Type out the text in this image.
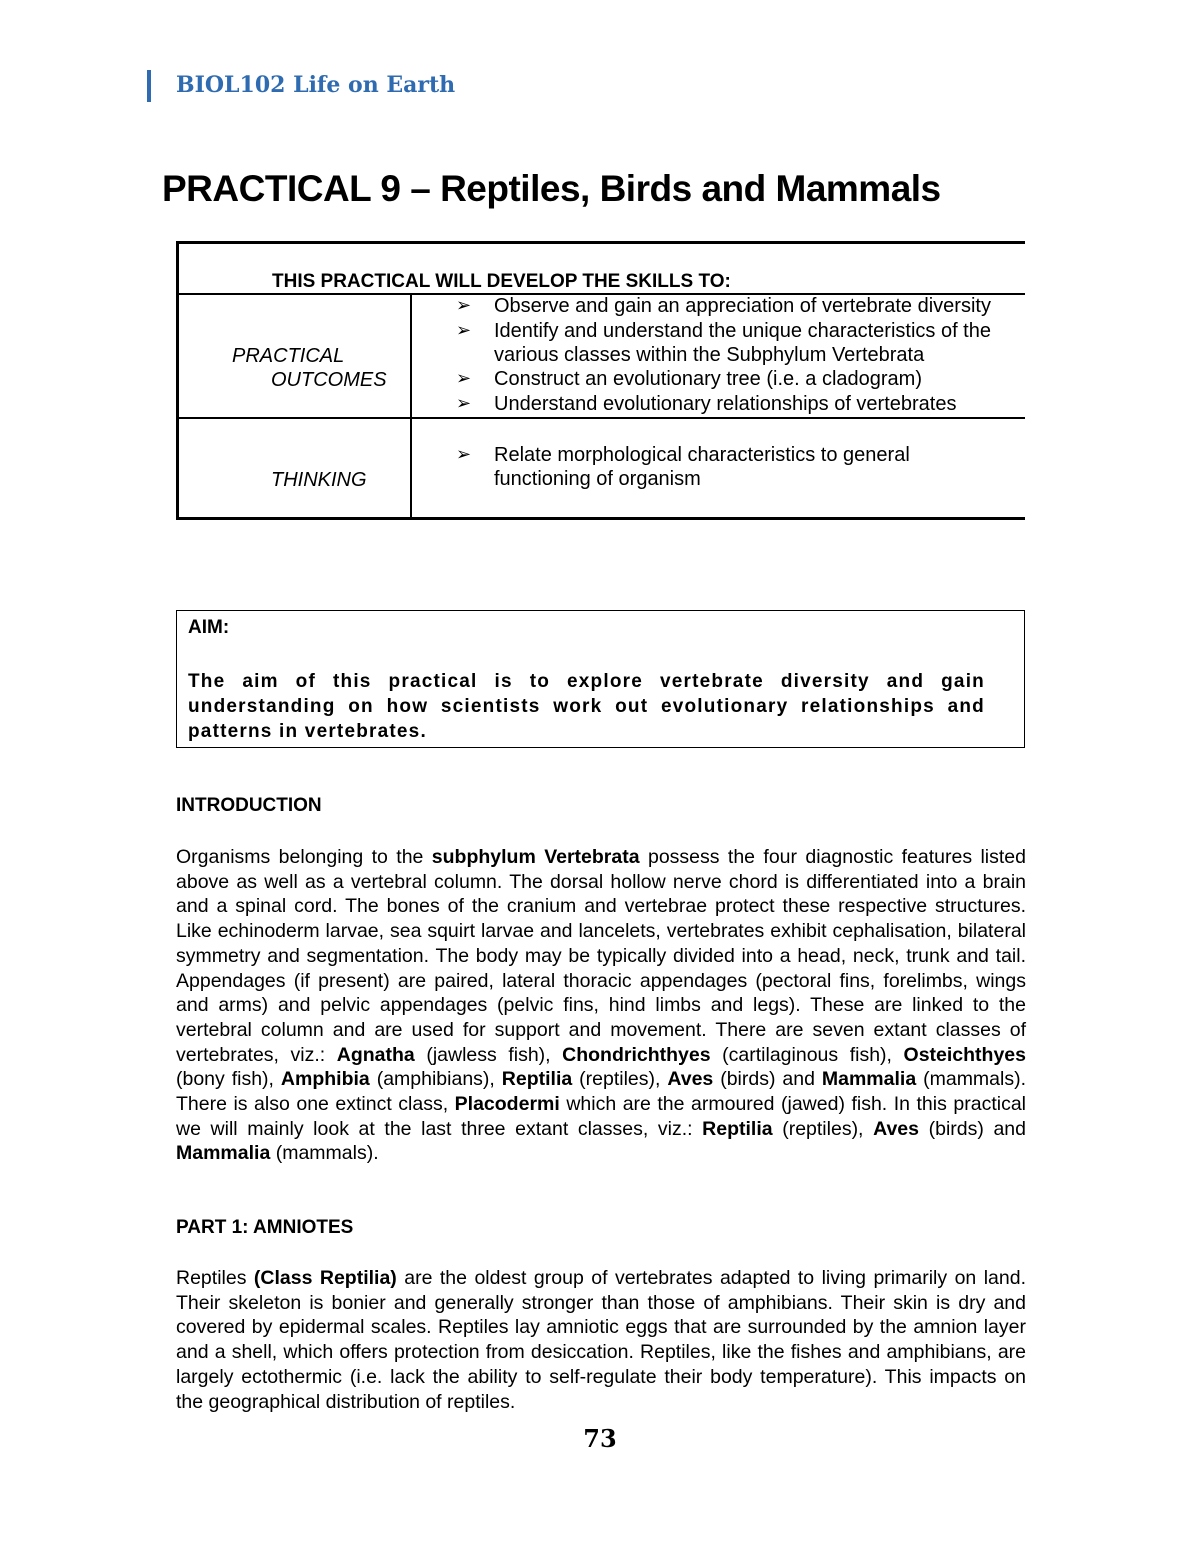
BIOL102 Life on Earth
PRACTICAL 9 – Reptiles, Birds and Mammals
THIS PRACTICAL WILL DEVELOP THE SKILLS TO:
PRACTICAL
OUTCOMES
THINKING
➢ Observe and gain an appreciation of vertebrate diversity
➢ Identify and understand the unique characteristics of the
various classes within the Subphylum Vertebrata
➢ Construct an evolutionary tree (i.e. a cladogram)
➢ Understand evolutionary relationships of vertebrates
➢ Relate morphological characteristics to general
functioning of organism
AIM:
The aim of this practical is to explore vertebrate diversity and gain understanding on how scientists work out evolutionary relationships and patterns in vertebrates.
INTRODUCTION
Organisms belonging to the subphylum Vertebrata possess the four diagnostic features listed above as well as a vertebral column. The dorsal hollow nerve chord is differentiated into a brain and a spinal cord. The bones of the cranium and vertebrae protect these respective structures. Like echinoderm larvae, sea squirt larvae and lancelets, vertebrates exhibit cephalisation, bilateral symmetry and segmentation. The body may be typically divided into a head, neck, trunk and tail. Appendages (if present) are paired, lateral thoracic appendages (pectoral fins, forelimbs, wings and arms) and pelvic appendages (pelvic fins, hind limbs and legs). These are linked to the vertebral column and are used for support and movement. There are seven extant classes of vertebrates, viz.: Agnatha (jawless fish), Chondrichthyes (cartilaginous fish), Osteichthyes (bony fish), Amphibia (amphibians), Reptilia (reptiles), Aves (birds) and Mammalia (mammals). There is also one extinct class, Placodermi which are the armoured (jawed) fish. In this practical we will mainly look at the last three extant classes, viz.: Reptilia (reptiles), Aves (birds) and Mammalia (mammals).
PART 1: AMNIOTES
Reptiles (Class Reptilia) are the oldest group of vertebrates adapted to living primarily on land. Their skeleton is bonier and generally stronger than those of amphibians. Their skin is dry and covered by epidermal scales. Reptiles lay amniotic eggs that are surrounded by the amnion layer and a shell, which offers protection from desiccation. Reptiles, like the fishes and amphibians, are largely ectothermic (i.e. lack the ability to self-regulate their body temperature). This impacts on the geographical distribution of reptiles.
73
